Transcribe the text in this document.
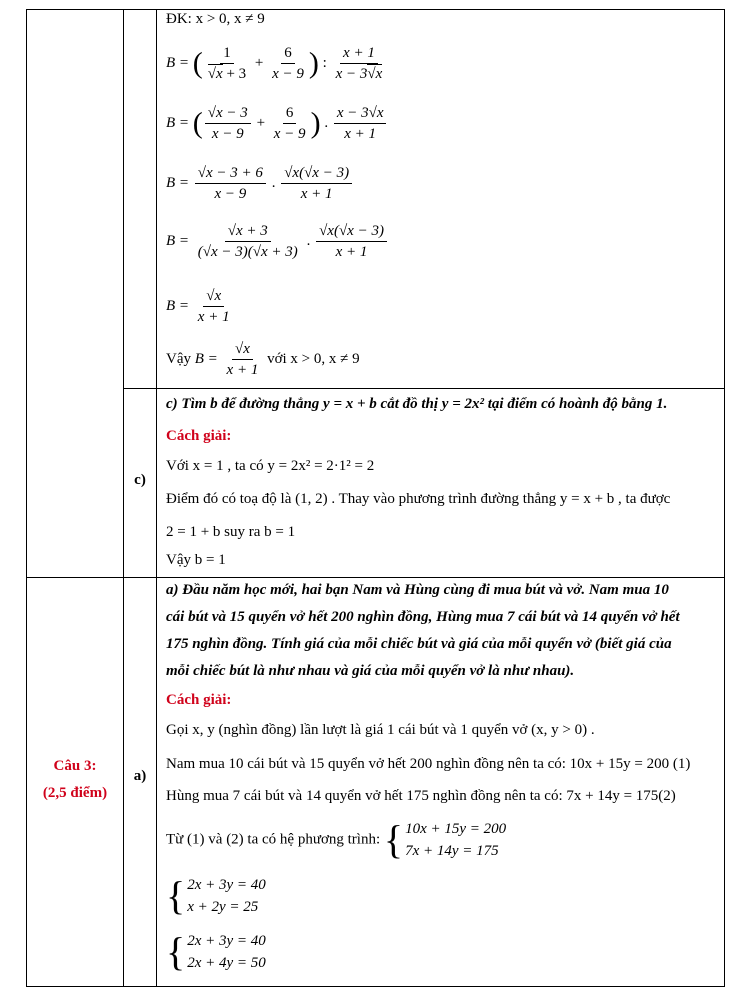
ĐK: x > 0, x ≠ 9
B = ( 1
√ $x + 3 + \frac{6}{x - 9}$ ) : $\frac{x + 1}{x - 3√ x}$
B = ( $\frac{√x - 3}{x - 9} + \frac{6}{x - 9}$ ) . $\frac{x - 3√x}{x + 1}$
$B = \frac{√x - 3 + 6}{x - 9}$ . $\frac{√x(√x - 3)}{x + 1}$
$B = \frac{√x + 3}{(√x - 3)(√x + 3)}$ . $\frac{√x(√x - 3)}{x + 1}$
$B = \frac{√x}{x + 1}$
Vậy $B = \frac{√x}{x + 1}$ với x > 0, x ≠ 9
c)
c) Tìm b để đường thẳng y = x + b cắt đồ thị y = 2x² tại điểm có hoành độ bằng 1.
Cách giải:
Với x = 1 , ta có y = 2x² = 2·1² = 2
Điểm đó có toạ độ là (1, 2) . Thay vào phương trình đường thẳng y = x + b , ta được
2 = 1 + b suy ra b = 1
Vậy b = 1
Câu 3:
(2,5 điểm)
a)
a) Đầu năm học mới, hai bạn Nam và Hùng cùng đi mua bút và vở. Nam mua 10
cái bút và 15 quyển vở hết 200 nghìn đồng, Hùng mua 7 cái bút và 14 quyển vở hết
175 nghìn đồng. Tính giá của mỗi chiếc bút và giá của mỗi quyển vở (biết giá của
mỗi chiếc bút là như nhau và giá của mỗi quyển vở là như nhau).
Cách giải:
Gọi x, y (nghìn đồng) lần lượt là giá 1 cái bút và 1 quyển vở (x, y > 0) .
Nam mua 10 cái bút và 15 quyển vở hết 200 nghìn đồng nên ta có: 10x + 15y = 200 (1)
Hùng mua 7 cái bút và 14 quyển vở hết 175 nghìn đồng nên ta có: 7x + 14y = 175(2)
Từ (1) và (2) ta có hệ phương trình: { 10x + 15y = 200
7x + 14y = 175
{ 2x + 3y = 40
x + 2y = 25
{ 2x + 3y = 40
2x + 4y = 50
